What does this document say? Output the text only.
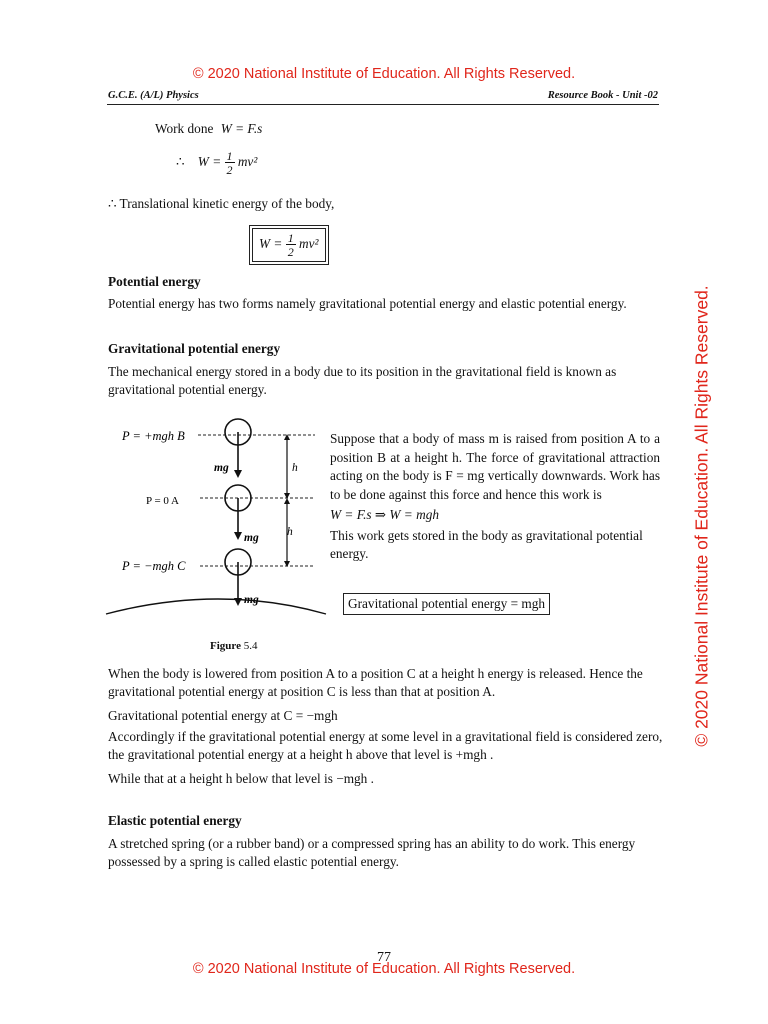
© 2020 National Institute of Education. All Rights Reserved.
77
© 2020 National Institute of Education. All Rights Reserved.
© 2020 National Institute of Education. All Rights Reserved.
G.C.E. (A/L) Physics	Resource Book - Unit -02
Work done W = F.s
∴ $W = \frac{1}{2} mv^2$
∴ Translational kinetic energy of the body,
$W = \frac{1}{2} mv^2$
Potential energy
Potential energy has two forms namely gravitational potential energy and elastic potential energy.
Gravitational potential energy
The mechanical energy stored in a body due to its position in the gravitational field is known as gravitational potential energy.
P = +mgh B
P = 0 A
P = −mgh C
mg
mg
mg
h
h
Figure 5.4
Suppose that a body of mass m is raised from position A to a position B at a height h. The force of gravitational attraction acting on the body is F = mg vertically downwards. Work has to be done against this force and hence this work is
W = F.s ⇒ W = mgh
This work gets stored in the body as gravitational potential energy.
Gravitational potential energy = mgh
When the body is lowered from position A to a position C at a height h energy is released. Hence the gravitational potential energy at position C is less than that at position A.
Gravitational potential energy at C = −mgh
Accordingly if the gravitational potential energy at some level in a gravitational field is considered zero, the gravitational potential energy at a height h above that level is +mgh .
While that at a height h below that level is −mgh .
Elastic potential energy
A stretched spring (or a rubber band) or a compressed spring has an ability to do work. This energy possessed by a spring is called elastic potential energy.
